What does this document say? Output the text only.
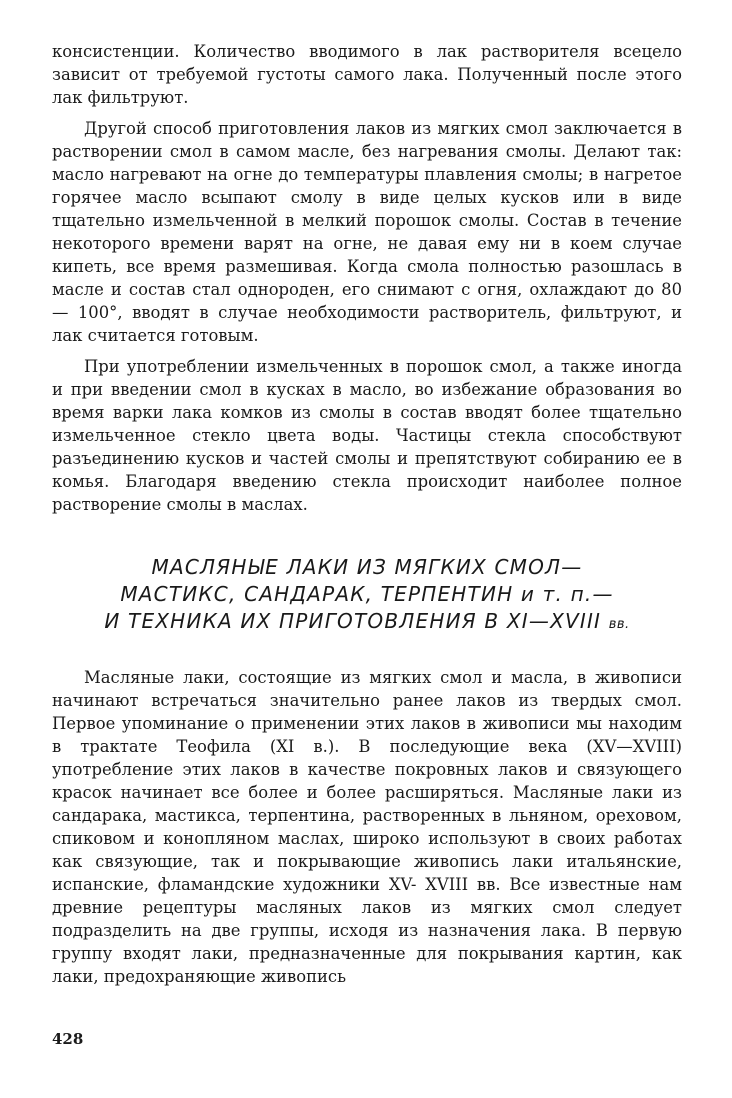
консистенции. Количество вводимого в лак растворителя всецело зависит от требуемой густоты самого лака. Полученный после этого лак фильтруют.

Другой способ приготовления лаков из мягких смол заключается в растворении смол в самом масле, без нагревания смолы. Делают так: масло нагревают на огне до температуры плавления смолы; в нагретое горячее масло всыпают смолу в виде целых кусков или в виде тщательно измельченной в мелкий порошок смолы. Состав в течение некоторого времени варят на огне, не давая ему ни в коем случае кипеть, все время размешивая. Когда смола полностью разошлась в масле и состав стал однороден, его снимают с огня, охлаждают до 80 — 100°, вводят в случае необходимости растворитель, фильтруют, и лак считается готовым.

При употреблении измельченных в порошок смол, а также иногда и при введении смол в кусках в масло, во избежание образования во время варки лака комков из смолы в состав вводят более тщательно измельченное стекло цвета воды. Частицы стекла способствуют разъединению кусков и частей смолы и препятствуют собиранию ее в комья. Благодаря введению стекла происходит наиболее полное растворение смолы в маслах.

МАСЛЯНЫЕ ЛАКИ ИЗ МЯГКИХ СМОЛ—
МАСТИКС, САНДАРАК, ТЕРПЕНТИН и т. п.—
И ТЕХНИКА ИХ ПРИГОТОВЛЕНИЯ В XI—XVIII вв.

Масляные лаки, состоящие из мягких смол и масла, в живописи начинают встречаться значительно ранее лаков из твердых смол. Первое упоминание о применении этих лаков в живописи мы находим в трактате Теофила (XI в.). В последующие века (XV—XVIII) употребление этих лаков в качестве покровных лаков и связующего красок начинает все более и более расширяться. Масляные лаки из сандарака, мастикса, терпентина, растворенных в льняном, ореховом, спиковом и конопляном маслах, широко используют в своих работах как связующие, так и покрывающие живопись лаки итальянские, испанские, фламандские художники XV- XVIII вв. Все известные нам древние рецептуры масляных лаков из мягких смол следует подразделить на две группы, исходя из назначения лака. В первую группу входят лаки, предназначенные для покрывания картин, как лаки, предохраняющие живопись

428
